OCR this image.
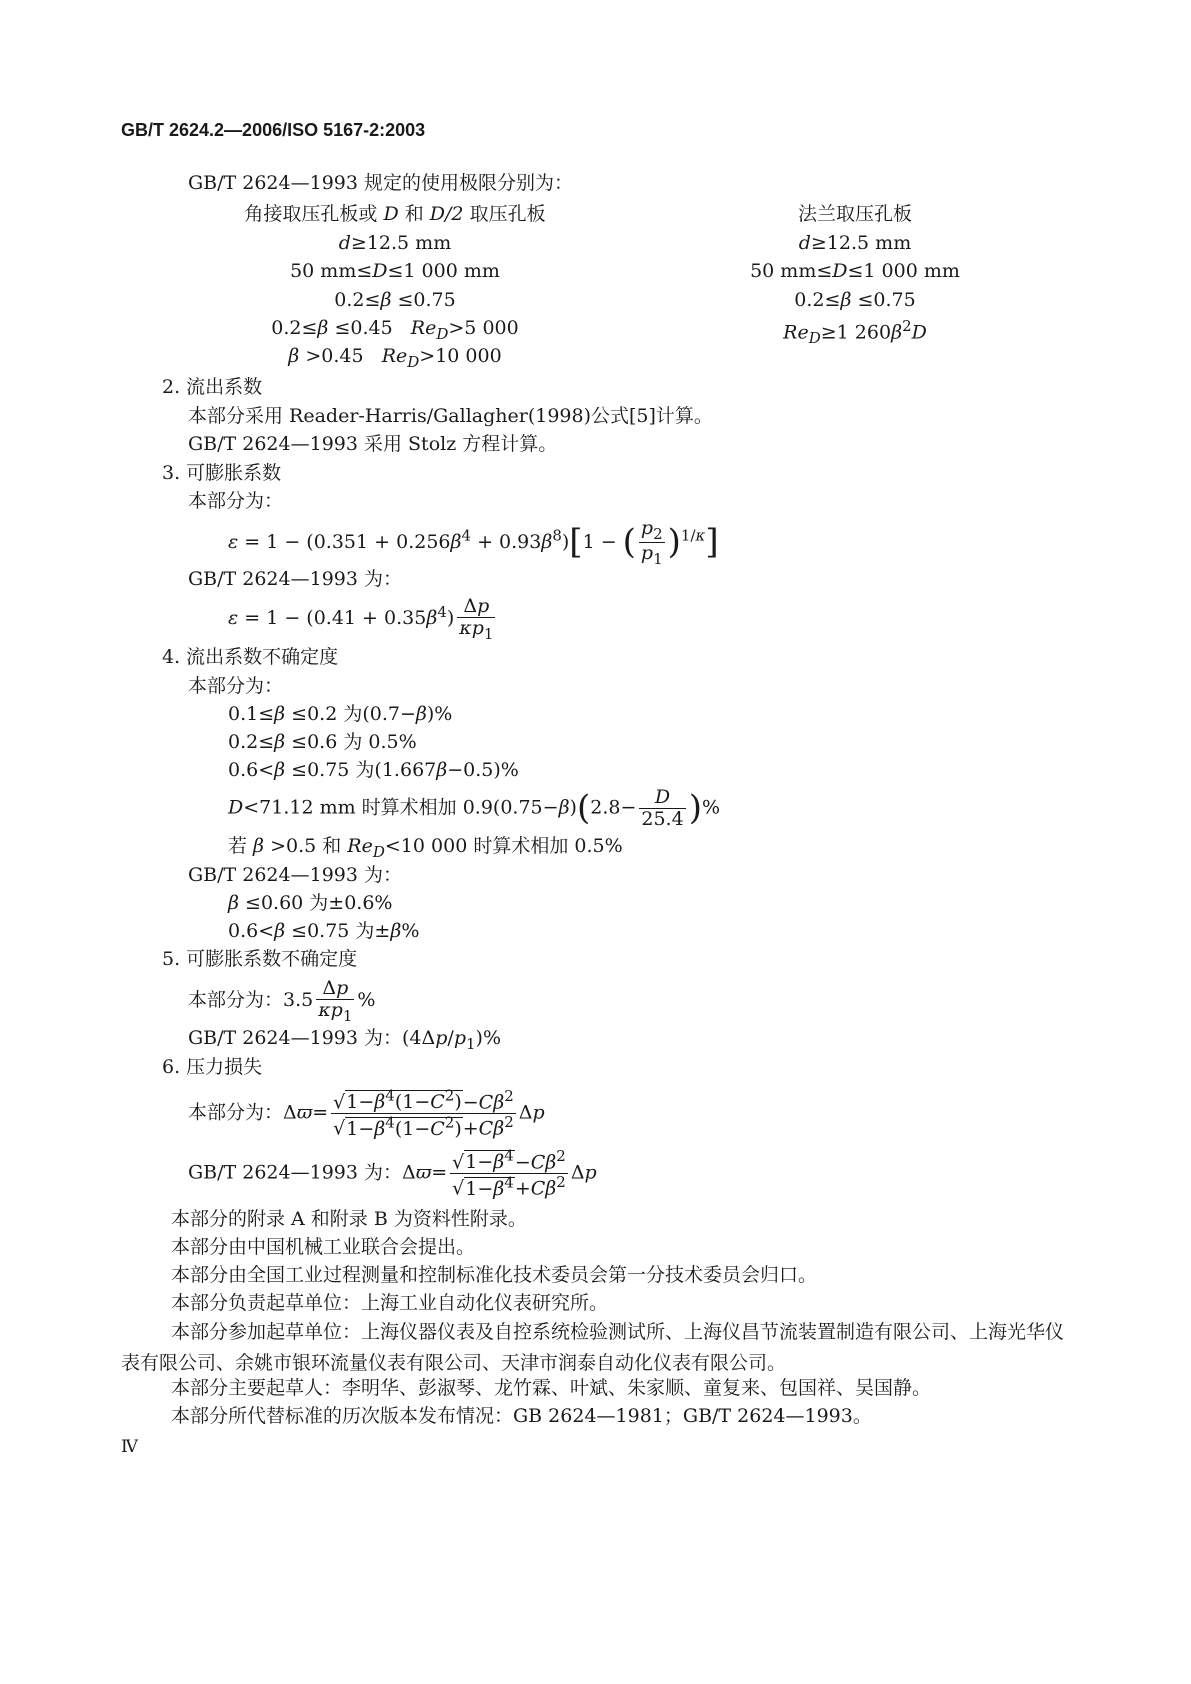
GB/T 2624.2—2006/ISO 5167-2:2003
GB/T 2624—1993 规定的使用极限分别为：
角接取压孔板或 D 和 D/2 取压孔板
d≥12.5 mm
50 mm≤D≤1 000 mm
0.2≤β ≤0.75
0.2≤β ≤0.45 $Re_D>5$ 000
β >0.45 $Re_D>10$ 000
法兰取压孔板
d≥12.5 mm
50 mm≤D≤1 000 mm
0.2≤β ≤0.75
$Re_D\ge 1$ $260\beta^2D$
2. 流出系数
本部分采用 Reader-Harris/Gallagher(1998)公式[5]计算。
GB/T 2624—1993 采用 Stolz 方程计算。
3. 可膨胀系数
本部分为：
$\varepsilon = 1 - (0.351 + 0.256\beta^4 + 0.93\beta^8)[1$ − ( $\frac{p_2}{p_1} )^{1/\kappa}$]
GB/T 2624—1993 为：
$\varepsilon = 1 - (0.41 + 0.35\beta^4) \frac{\Delta p}{\kappa p_1}$
4. 流出系数不确定度
本部分为：
0.1≤β ≤0.2 为(0.7−β)%
0.2≤β ≤0.6 为 0.5%
0.6<β ≤0.75 为(1.667β−0.5)%
D<71.12 mm 时算术相加 $0.9(0.75-\beta)(2.8- \frac{D}{25.4}$ )%
若 β >0.5 和 $Re_D<10$ 000 时算术相加 0.5%
GB/T 2624—1993 为：
β ≤0.60 为±0.6%
0.6<β ≤0.75 为±β%
5. 可膨胀系数不确定度
本部分为：$3.5 \frac{\Delta p}{\kappa p_1}$ %
GB/T 2624—1993 为：$(4\Delta p/p_1)\%$
6. 压力损失
本部分为：$\Delta ϖ= \frac{√1-\beta^4(1-C^2)-C\beta^2}{√1-\beta^4(1-C^2)+C\beta^2}$ Δp
GB/T 2624—1993 为：$\Delta ϖ= \frac{√1-\beta^4-C\beta^2}{√1-\beta^4+C\beta^2}$ Δp
本部分的附录 A 和附录 B 为资料性附录。
本部分由中国机械工业联合会提出。
本部分由全国工业过程测量和控制标准化技术委员会第一分技术委员会归口。
本部分负责起草单位：上海工业自动化仪表研究所。
本部分参加起草单位：上海仪器仪表及自控系统检验测试所、上海仪昌节流装置制造有限公司、上海光华仪表有限公司、余姚市银环流量仪表有限公司、天津市润泰自动化仪表有限公司。
本部分主要起草人：李明华、彭淑琴、龙竹霖、叶斌、朱家顺、童复来、包国祥、吴国静。
本部分所代替标准的历次版本发布情况：GB 2624—1981；GB/T 2624—1993。
Ⅳ
